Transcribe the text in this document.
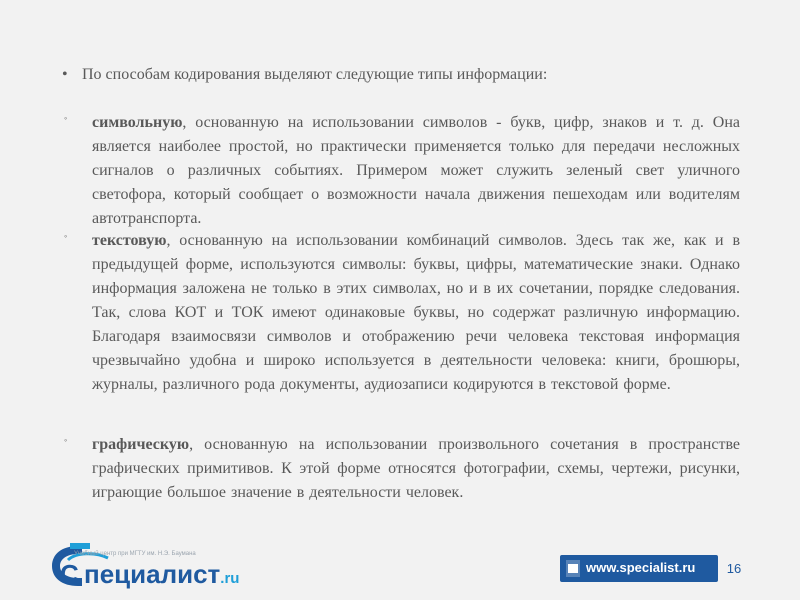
• По способам кодирования выделяют следующие типы информации:
◦ символьную, основанную на использовании символов - букв, цифр, знаков и т. д. Она является наиболее простой, но практически применяется только для передачи несложных сигналов о различных событиях. Примером может служить зеленый свет уличного светофора, который сообщает о возможности начала движения пешеходам или водителям автотранспорта.
◦ текстовую, основанную на использовании комбинаций символов. Здесь так же, как и в предыдущей форме, используются символы: буквы, цифры, математические знаки. Однако информация заложена не только в этих символах, но и в их сочетании, порядке следования. Так, слова КОТ и ТОК имеют одинаковые буквы, но содержат различную информацию. Благодаря взаимосвязи символов и отображению речи человека текстовая информация чрезвычайно удобна и широко используется в деятельности человека: книги, брошюры, журналы, различного рода документы, аудиозаписи кодируются в текстовой форме.
◦ графическую, основанную на использовании произвольного сочетания в пространстве графических примитивов. К этой форме относятся фотографии, схемы, чертежи, рисунки, играющие большое значение в деятельности человек.
Учебный центр при МГТУ им. Н.Э. Баумана
С пециалист.ru
www.specialist.ru	16
